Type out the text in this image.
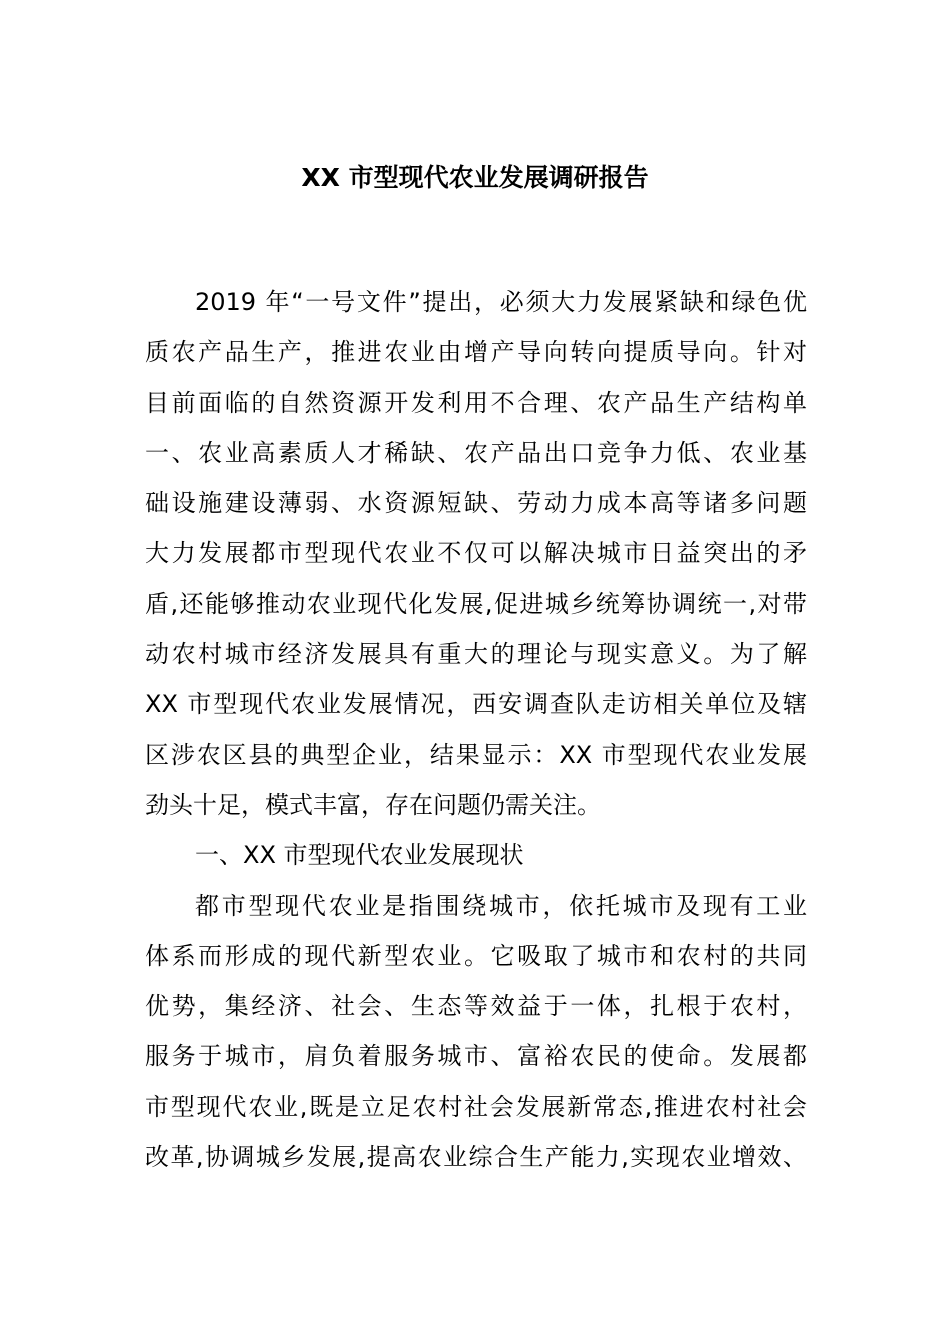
XX 市型现代农业发展调研报告
2019 年“一号文件”提出，必须大力发展紧缺和绿色优
质农产品生产，推进农业由增产导向转向提质导向。针对
目前面临的自然资源开发利用不合理、农产品生产结构单
一、农业高素质人才稀缺、农产品出口竞争力低、农业基
础设施建设薄弱、水资源短缺、劳动力成本高等诸多问题
大力发展都市型现代农业不仅可以解决城市日益突出的矛
盾,还能够推动农业现代化发展,促进城乡统筹协调统一,对带
动农村城市经济发展具有重大的理论与现实意义。为了解
XX 市型现代农业发展情况，西安调查队走访相关单位及辖
区涉农区县的典型企业，结果显示：XX 市型现代农业发展
劲头十足，模式丰富，存在问题仍需关注。
一、XX 市型现代农业发展现状
都市型现代农业是指围绕城市，依托城市及现有工业
体系而形成的现代新型农业。它吸取了城市和农村的共同
优势，集经济、社会、生态等效益于一体，扎根于农村，
服务于城市，肩负着服务城市、富裕农民的使命。发展都
市型现代农业,既是立足农村社会发展新常态,推进农村社会
改革,协调城乡发展,提高农业综合生产能力,实现农业增效、
